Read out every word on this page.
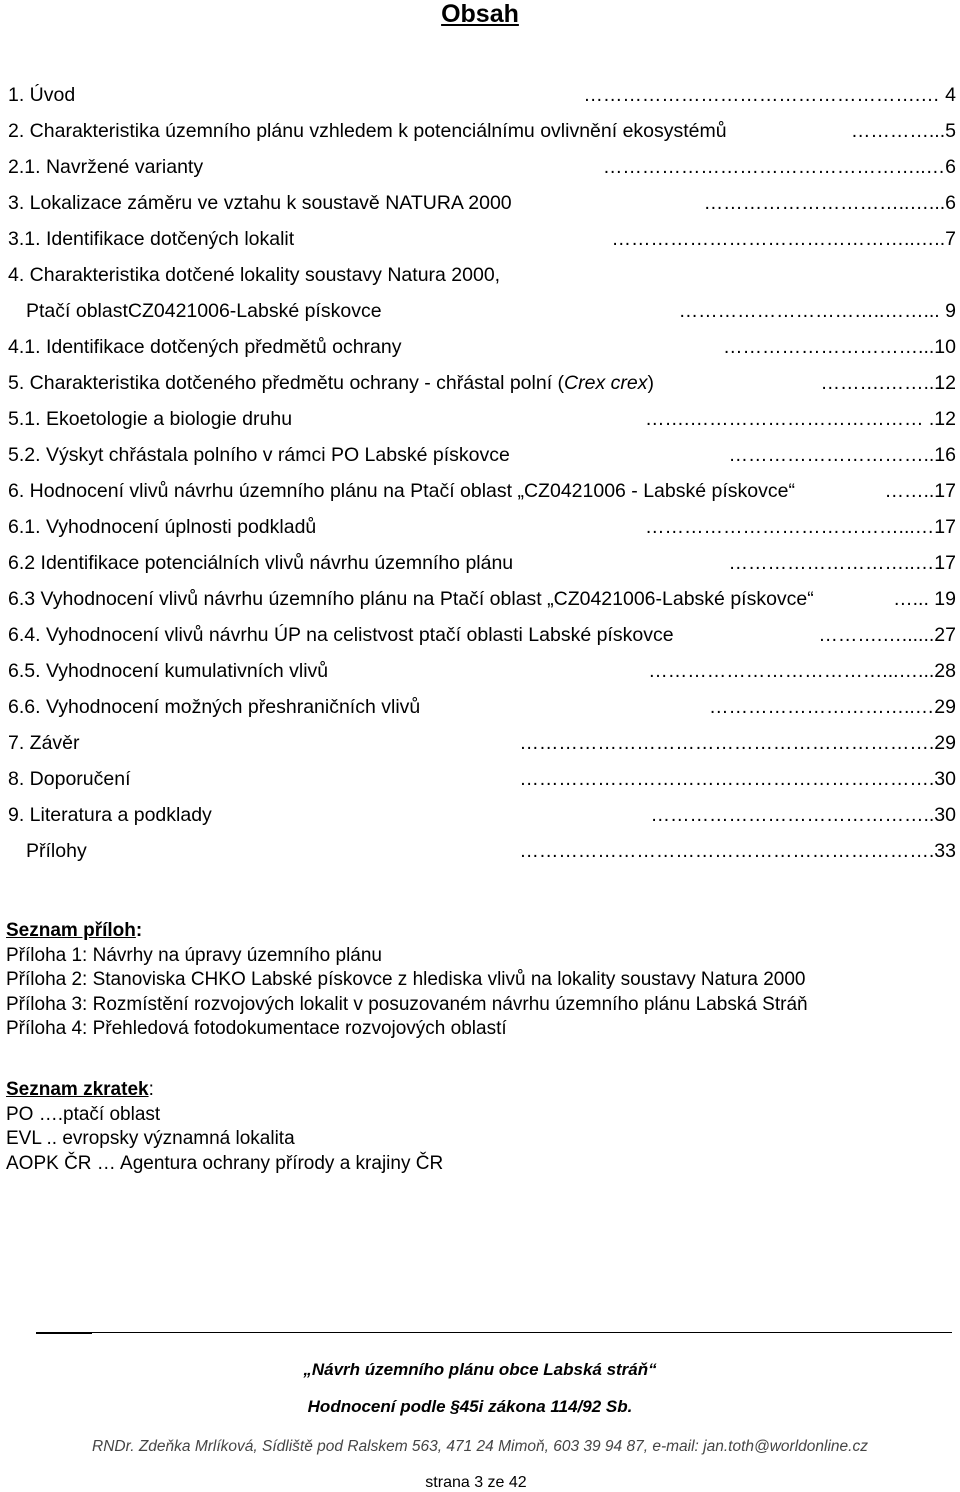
Obsah
1. Úvod	…………………………………………….… 4
2. Charakteristika územního plánu vzhledem k potenciálnímu ovlivnění ekosystémů	…………...5
2.1. Navržené varianty	…………………………………………..…6
3. Lokalizace záměru ve vztahu k soustavě NATURA 2000	…………………………..…...6
3.1. Identifikace dotčených lokalit	………………………………………..…..7
4. Charakteristika dotčené lokality soustavy Natura 2000,
Ptačí oblastCZ0421006-Labské pískovce	…………………………..……... 9
4.1. Identifikace dotčených předmětů ochrany	…………………………...10
5. Charakteristika dotčeného předmětu ochrany - chřástal polní (Crex crex)	……….……..12
5.1. Ekoetologie a biologie druhu	…….……………………………… .12
5.2. Výskyt chřástala polního v rámci PO Labské pískovce	…………………………..16
6. Hodnocení vlivů návrhu územního plánu na Ptačí oblast „CZ0421006 - Labské pískovce“	……..17
6.1. Vyhodnocení úplnosti podkladů	…………………………………...…17
6.2 Identifikace potenciálních vlivů návrhu územního plánu	………………………..…17
6.3 Vyhodnocení vlivů návrhu územního plánu na Ptačí oblast „CZ0421006-Labské pískovce“	…... 19
6.4. Vyhodnocení vlivů návrhu ÚP na celistvost ptačí oblasti Labské pískovce	……….…......27
6.5. Vyhodnocení kumulativních vlivů	………………………………...…...28
6.6. Vyhodnocení možných přeshraničních vlivů	…………………………..…29
7. Závěr	……………………………………………………….29
8. Doporučení	……………………………………………………….30
9. Literatura a podklady	……………………………………..30
Přílohy	……………………………………………………….33
Seznam příloh:
Příloha 1: Návrhy na úpravy územního plánu
Příloha 2: Stanoviska CHKO Labské pískovce z hlediska vlivů na lokality soustavy Natura 2000
Příloha 3: Rozmístění rozvojových lokalit v posuzovaném návrhu územního plánu Labská Stráň
Příloha 4: Přehledová fotodokumentace rozvojových oblastí
Seznam zkratek:
PO ….ptačí oblast
EVL .. evropsky významná lokalita
AOPK ČR … Agentura ochrany přírody a krajiny ČR
„Návrh územního plánu obce Labská stráň“
Hodnocení podle §45i zákona 114/92 Sb.
RNDr. Zdeňka Mrlíková, Sídliště pod Ralskem 563, 471 24 Mimoň, 603 39 94 87, e-mail: jan.toth@worldonline.cz
strana 3 ze 42
